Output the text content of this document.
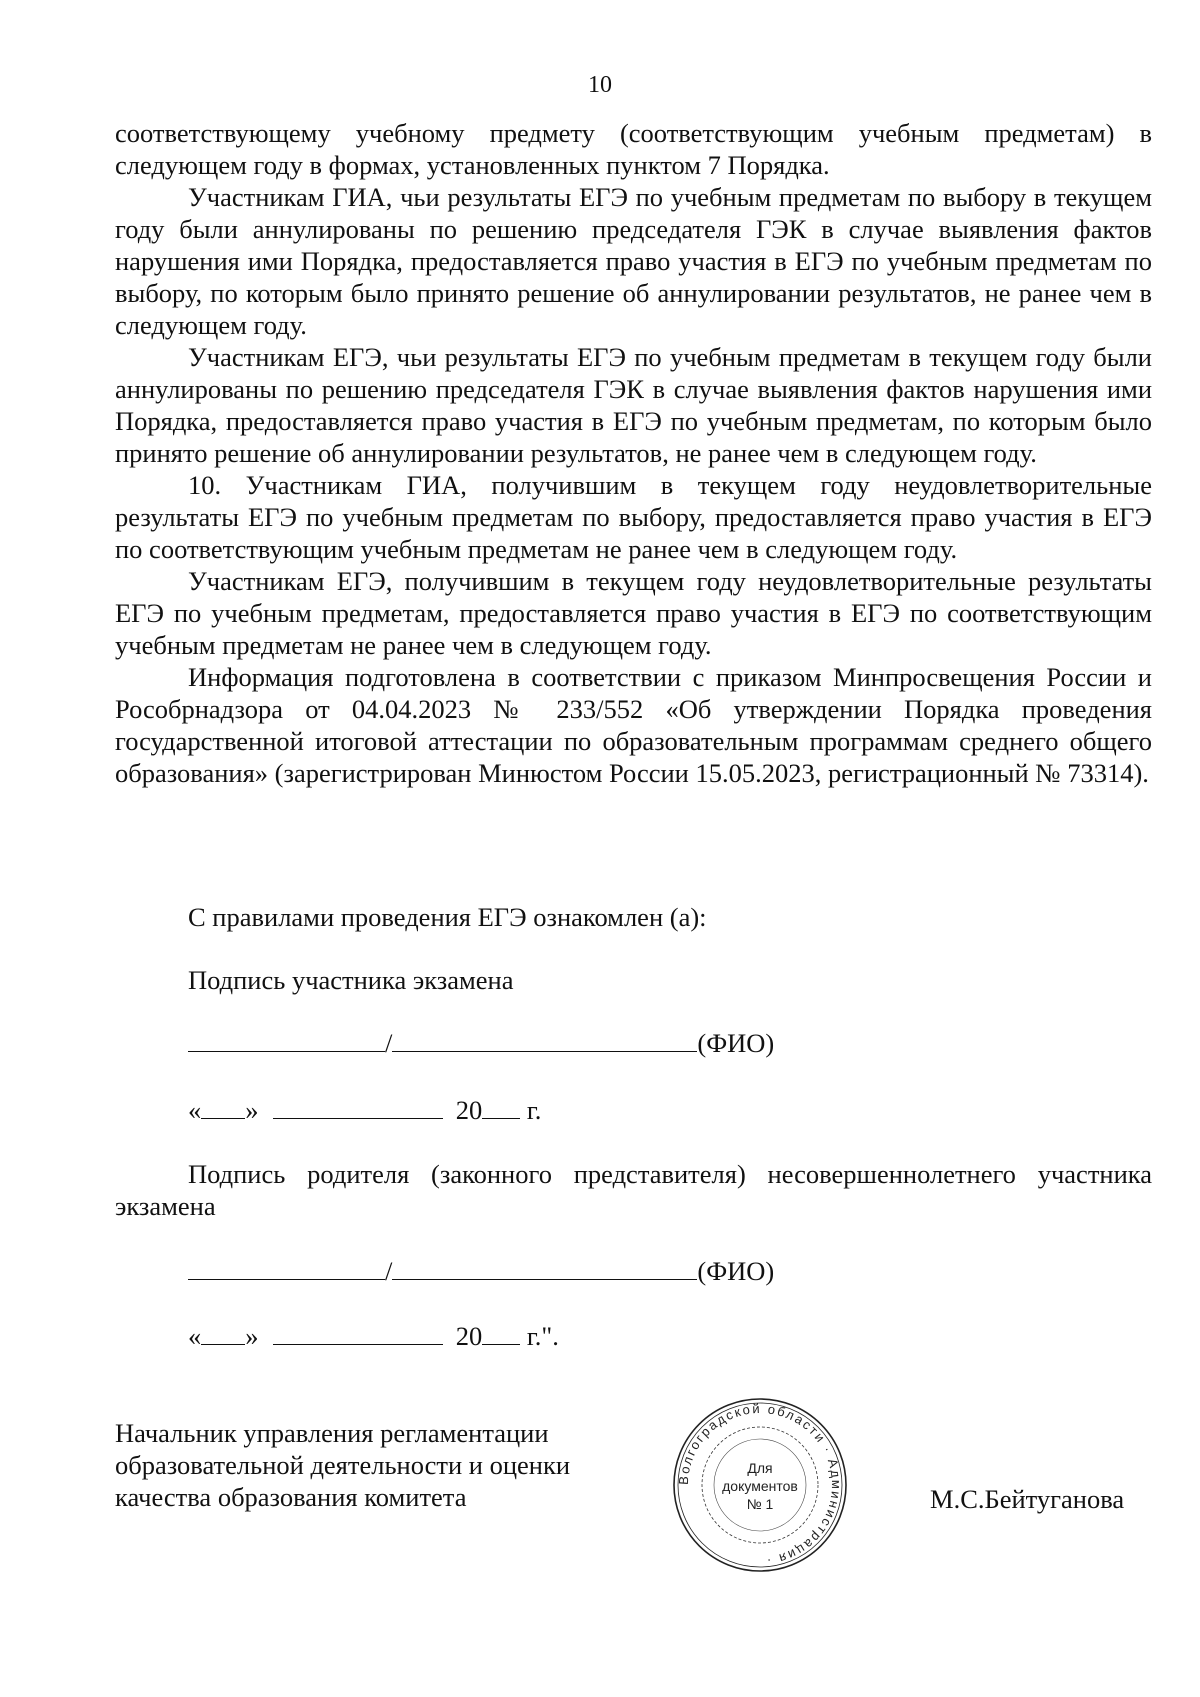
10

соответствующему учебному предмету (соответствующим учебным предметам) в следующем году в формах, установленных пунктом 7 Порядка.

Участникам ГИА, чьи результаты ЕГЭ по учебным предметам по выбору в текущем году были аннулированы по решению председателя ГЭК в случае выявления фактов нарушения ими Порядка, предоставляется право участия в ЕГЭ по учебным предметам по выбору, по которым было принято решение об аннулировании результатов, не ранее чем в следующем году.

Участникам ЕГЭ, чьи результаты ЕГЭ по учебным предметам в текущем году были аннулированы по решению председателя ГЭК в случае выявления фактов нарушения ими Порядка, предоставляется право участия в ЕГЭ по учебным предметам, по которым было принято решение об аннулировании результатов, не ранее чем в следующем году.

10. Участникам ГИА, получившим в текущем году неудовлетворительные результаты ЕГЭ по учебным предметам по выбору, предоставляется право участия в ЕГЭ по соответствующим учебным предметам не ранее чем в следующем году.

Участникам ЕГЭ, получившим в текущем году неудовлетворительные результаты ЕГЭ по учебным предметам, предоставляется право участия в ЕГЭ по соответствующим учебным предметам не ранее чем в следующем году.

Информация подготовлена в соответствии с приказом Минпросвещения России и Рособрнадзора от 04.04.2023 № 233/552 «Об утверждении Порядка проведения государственной итоговой аттестации по образовательным программам среднего общего образования» (зарегистрирован Минюстом России 15.05.2023, регистрационный № 73314).

С правилами проведения ЕГЭ ознакомлен (а):
Подпись участника экзамена
/	(ФИО)
« »	20 г.
Подпись родителя (законного представителя) несовершеннолетнего участника экзамена
/	(ФИО)
« »	20 г.".
Начальник управления регламентации
образовательной деятельности и оценки
качества образования комитета
Волгоградской области · Администрация ·
Для
документов
№ 1	М.С.Бейтуганова
